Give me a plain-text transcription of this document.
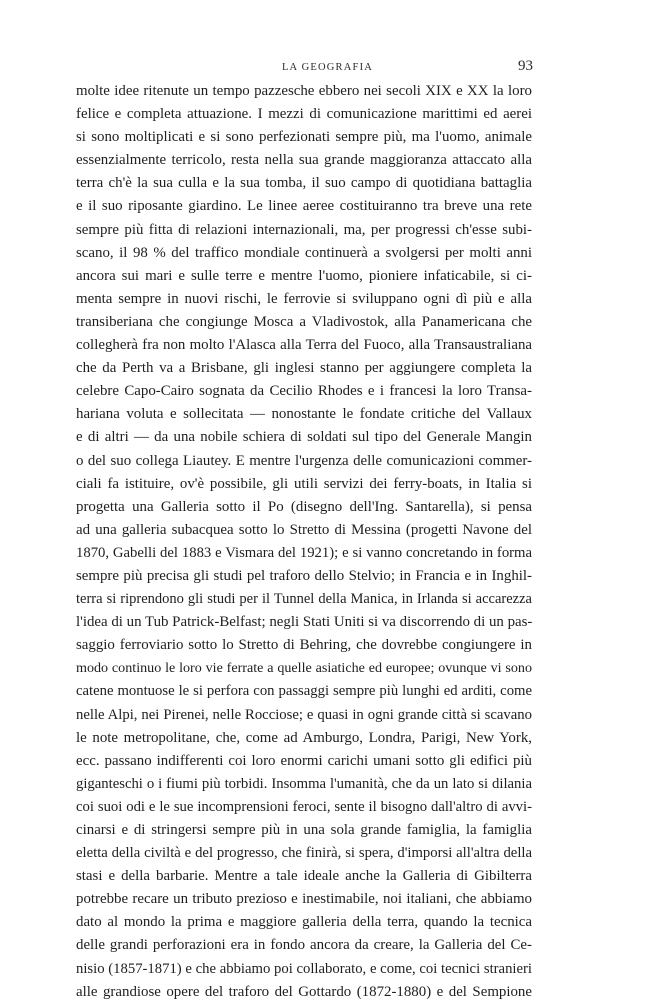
LA GEOGRAFIA	93
molte idee ritenute un tempo pazzesche ebbero nei secoli XIX e XX la loro
felice e completa attuazione. I mezzi di comunicazione marittimi ed aerei
si sono moltiplicati e si sono perfezionati sempre più, ma l'uomo, animale
essenzialmente terricolo, resta nella sua grande maggioranza attaccato alla
terra ch'è la sua culla e la sua tomba, il suo campo di quotidiana battaglia
e il suo riposante giardino. Le linee aeree costituiranno tra breve una rete
sempre più fitta di relazioni internazionali, ma, per progressi ch'esse subi-
scano, il 98 % del traffico mondiale continuerà a svolgersi per molti anni
ancora sui mari e sulle terre e mentre l'uomo, pioniere infaticabile, si ci-
menta sempre in nuovi rischi, le ferrovie si sviluppano ogni dì più e alla
transiberiana che congiunge Mosca a Vladivostok, alla Panamericana che
collegherà fra non molto l'Alasca alla Terra del Fuoco, alla Transaustraliana
che da Perth va a Brisbane, gli inglesi stanno per aggiungere completa la
celebre Capo-Cairo sognata da Cecilio Rhodes e i francesi la loro Transa-
hariana voluta e sollecitata — nonostante le fondate critiche del Vallaux
e di altri — da una nobile schiera di soldati sul tipo del Generale Mangin
o del suo collega Liautey. E mentre l'urgenza delle comunicazioni commer-
ciali fa istituire, ov'è possibile, gli utili servizi dei ferry-boats, in Italia si
progetta una Galleria sotto il Po (disegno dell'Ing. Santarella), si pensa
ad una galleria subacquea sotto lo Stretto di Messina (progetti Navone del
1870, Gabelli del 1883 e Vismara del 1921); e si vanno concretando in forma
sempre più precisa gli studi pel traforo dello Stelvio; in Francia e in Inghil-
terra si riprendono gli studi per il Tunnel della Manica, in Irlanda si accarezza
l'idea di un Tub Patrick-Belfast; negli Stati Uniti si va discorrendo di un pas-
saggio ferroviario sotto lo Stretto di Behring, che dovrebbe congiungere in
modo continuo le loro vie ferrate a quelle asiatiche ed europee; ovunque vi sono
catene montuose le si perfora con passaggi sempre più lunghi ed arditi, come
nelle Alpi, nei Pirenei, nelle Rocciose; e quasi in ogni grande città si scavano
le note metropolitane, che, come ad Amburgo, Londra, Parigi, New York,
ecc. passano indifferenti coi loro enormi carichi umani sotto gli edifici più
giganteschi o i fiumi più torbidi. Insomma l'umanità, che da un lato si dilania
coi suoi odi e le sue incomprensioni feroci, sente il bisogno dall'altro di avvi-
cinarsi e di stringersi sempre più in una sola grande famiglia, la famiglia
eletta della civiltà e del progresso, che finirà, si spera, d'imporsi all'altra della
stasi e della barbarie. Mentre a tale ideale anche la Galleria di Gibilterra
potrebbe recare un tributo prezioso e inestimabile, noi italiani, che abbiamo
dato al mondo la prima e maggiore galleria della terra, quando la tecnica
delle grandi perforazioni era in fondo ancora da creare, la Galleria del Ce-
nisio (1857-1871) e che abbiamo poi collaborato, e come, coi tecnici stranieri
alle grandiose opere del traforo del Gottardo (1872-1880) e del Sempione
